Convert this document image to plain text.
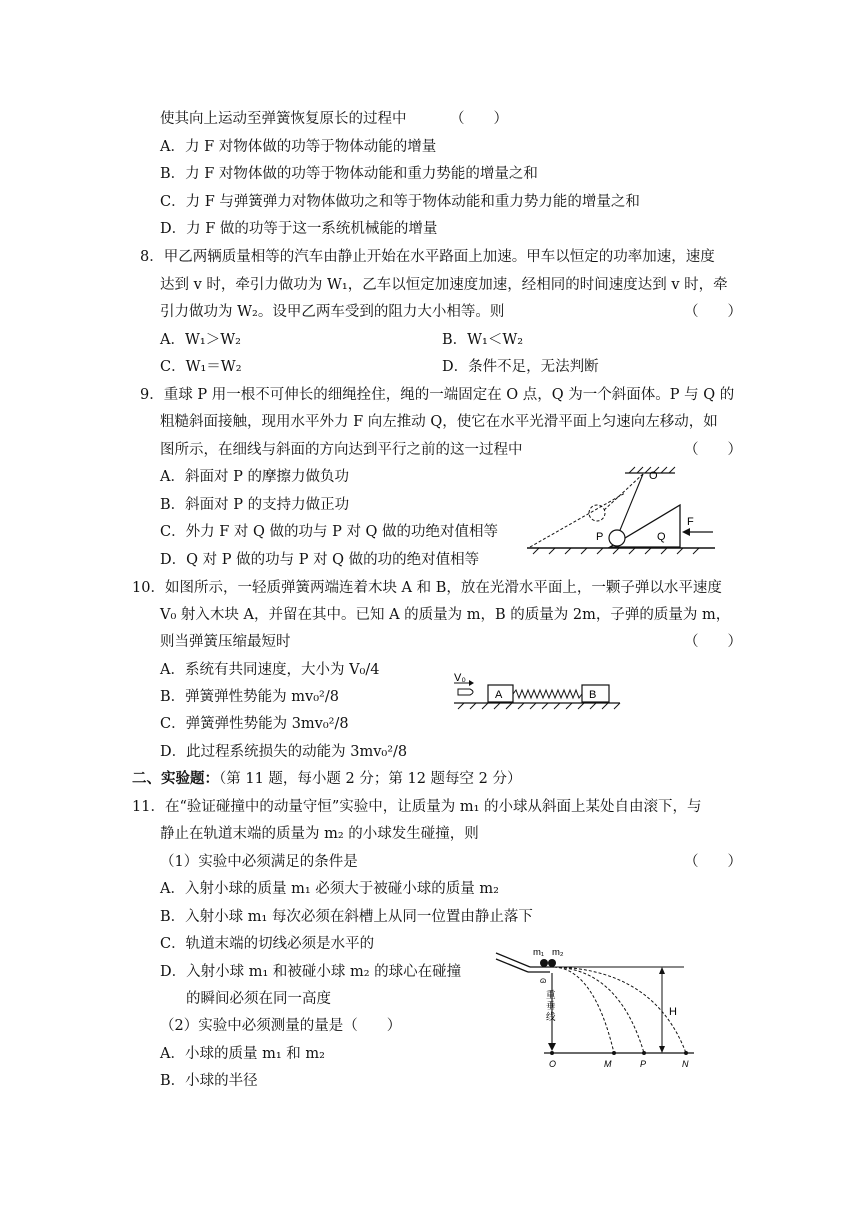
使其向上运动至弹簧恢复原长的过程中	（　　）
A．力 F 对物体做的功等于物体动能的增量
B．力 F 对物体做的功等于物体动能和重力势能的增量之和
C．力 F 与弹簧弹力对物体做功之和等于物体动能和重力势力能的增量之和
D．力 F 做的功等于这一系统机械能的增量
8．甲乙两辆质量相等的汽车由静止开始在水平路面上加速。甲车以恒定的功率加速，速度
达到 v 时，牵引力做功为 W₁，乙车以恒定加速度加速，经相同的时间速度达到 v 时，牵
引力做功为 W₂。设甲乙两车受到的阻力大小相等。则	（　　）
A．W₁＞W₂	B．W₁＜W₂
C．W₁＝W₂	D．条件不足，无法判断
9．重球 P 用一根不可伸长的细绳拴住，绳的一端固定在 O 点，Q 为一个斜面体。P 与 Q 的
粗糙斜面接触，现用水平外力 F 向左推动 Q，使它在水平光滑平面上匀速向左移动，如
图所示，在细线与斜面的方向达到平行之前的这一过程中	（　　）
A．斜面对 P 的摩擦力做负功
B．斜面对 P 的支持力做正功
C．外力 F 对 Q 做的功与 P 对 Q 做的功绝对值相等
D．Q 对 P 做的功与 P 对 Q 做的功的绝对值相等
O
P	Q
F
10．如图所示，一轻质弹簧两端连着木块 A 和 B，放在光滑水平面上，一颗子弹以水平速度
V₀ 射入木块 A，并留在其中。已知 A 的质量为 m，B 的质量为 2m，子弹的质量为 m，
则当弹簧压缩最短时	（　　）
A．系统有共同速度，大小为 V₀/4
B．弹簧弹性势能为 mv₀²/8
C．弹簧弹性势能为 3mv₀²/8
D．此过程系统损失的动能为 3mv₀²/8
V₀
A	B
二、实验题：（第 11 题，每小题 2 分；第 12 题每空 2 分）
11．在“验证碰撞中的动量守恒”实验中，让质量为 m₁ 的小球从斜面上某处自由滚下，与
静止在轨道末端的质量为 m₂ 的小球发生碰撞，则
（1）实验中必须满足的条件是	（　　）
A．入射小球的质量 m₁ 必须大于被碰小球的质量 m₂
B．入射小球 m₁ 每次必须在斜槽上从同一位置由静止落下
C．轨道末端的切线必须是水平的
D．入射小球 m₁ 和被碰小球 m₂ 的球心在碰撞
的瞬间必须在同一高度
（2）实验中必须测量的量是（　　）
A．小球的质量 m₁ 和 m₂
B．小球的半径
m₁ m₂
ɷ
重
垂
线	H
O	M	P	N
